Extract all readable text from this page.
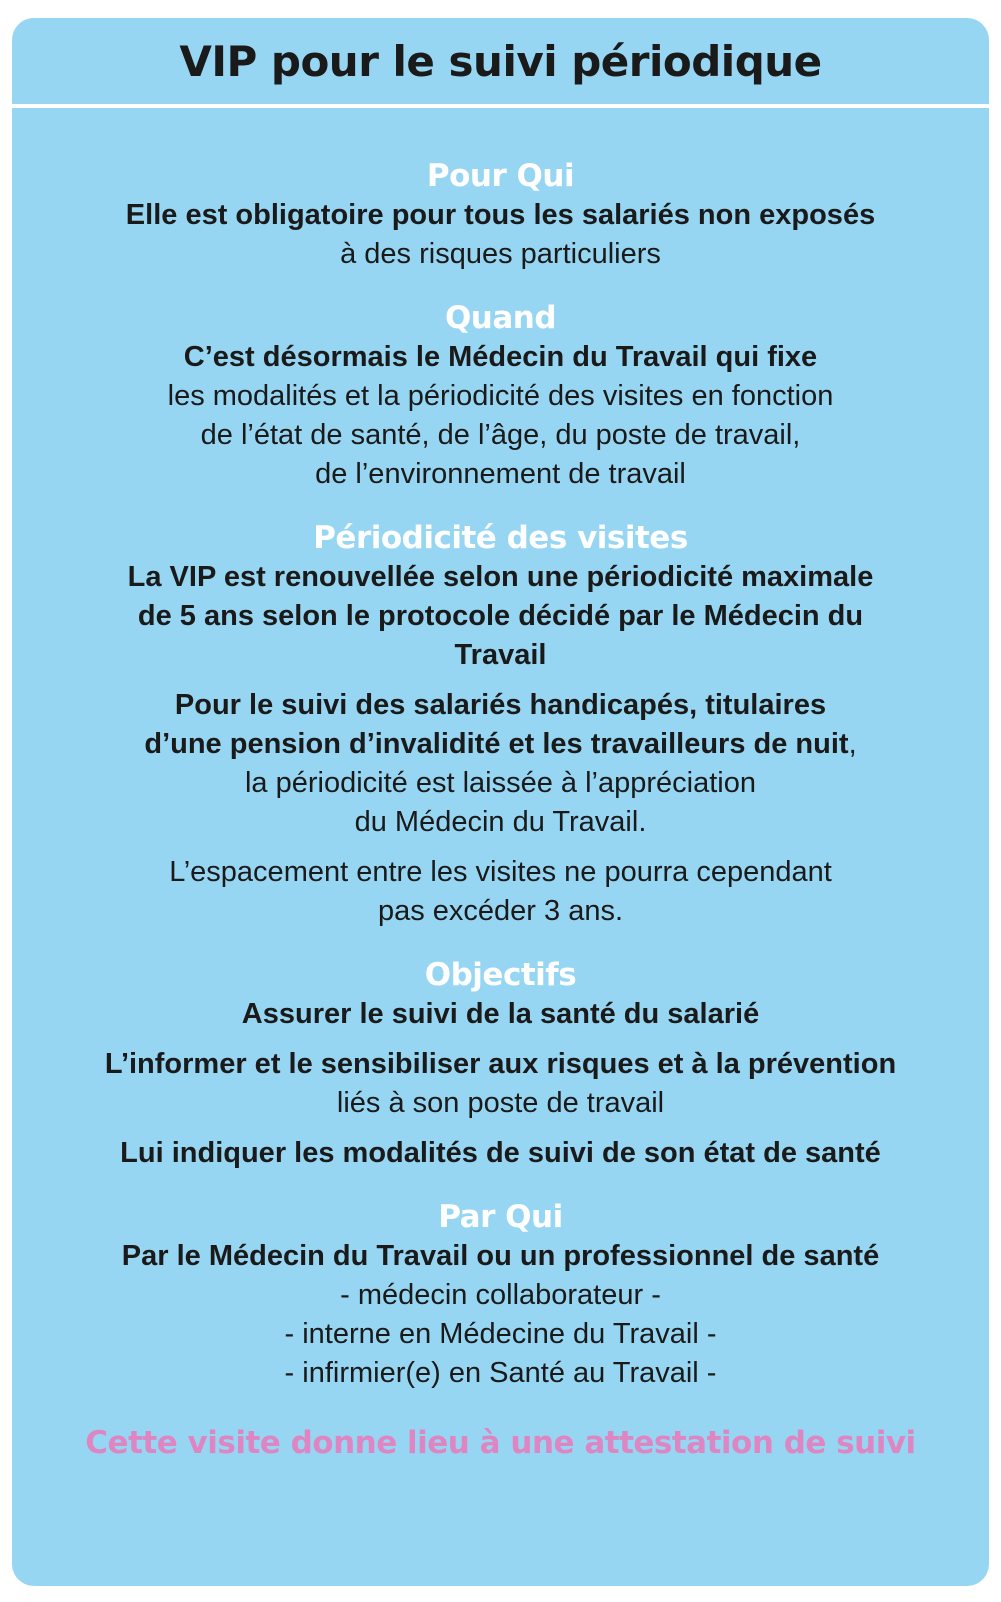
VIP pour le suivi périodique
Pour Qui

Elle est obligatoire pour tous les salariés non exposés

à des risques particuliers

Quand

C’est désormais le Médecin du Travail qui fixe

les modalités et la périodicité des visites en fonction

de l’état de santé, de l’âge, du poste de travail,

de l’environnement de travail

Périodicité des visites

La VIP est renouvellée selon une périodicité maximale

de 5 ans selon le protocole décidé par le Médecin du

Travail

Pour le suivi des salariés handicapés, titulaires

d’une pension d’invalidité et les travailleurs de nuit,

la périodicité est laissée à l’appréciation

du Médecin du Travail.

L’espacement entre les visites ne pourra cependant

pas excéder 3 ans.

Objectifs

Assurer le suivi de la santé du salarié

L’informer et le sensibiliser aux risques et à la prévention

liés à son poste de travail

Lui indiquer les modalités de suivi de son état de santé

Par Qui

Par le Médecin du Travail ou un professionnel de santé

- médecin collaborateur -

- interne en Médecine du Travail -

- infirmier(e) en Santé au Travail -

Cette visite donne lieu à une attestation de suivi
